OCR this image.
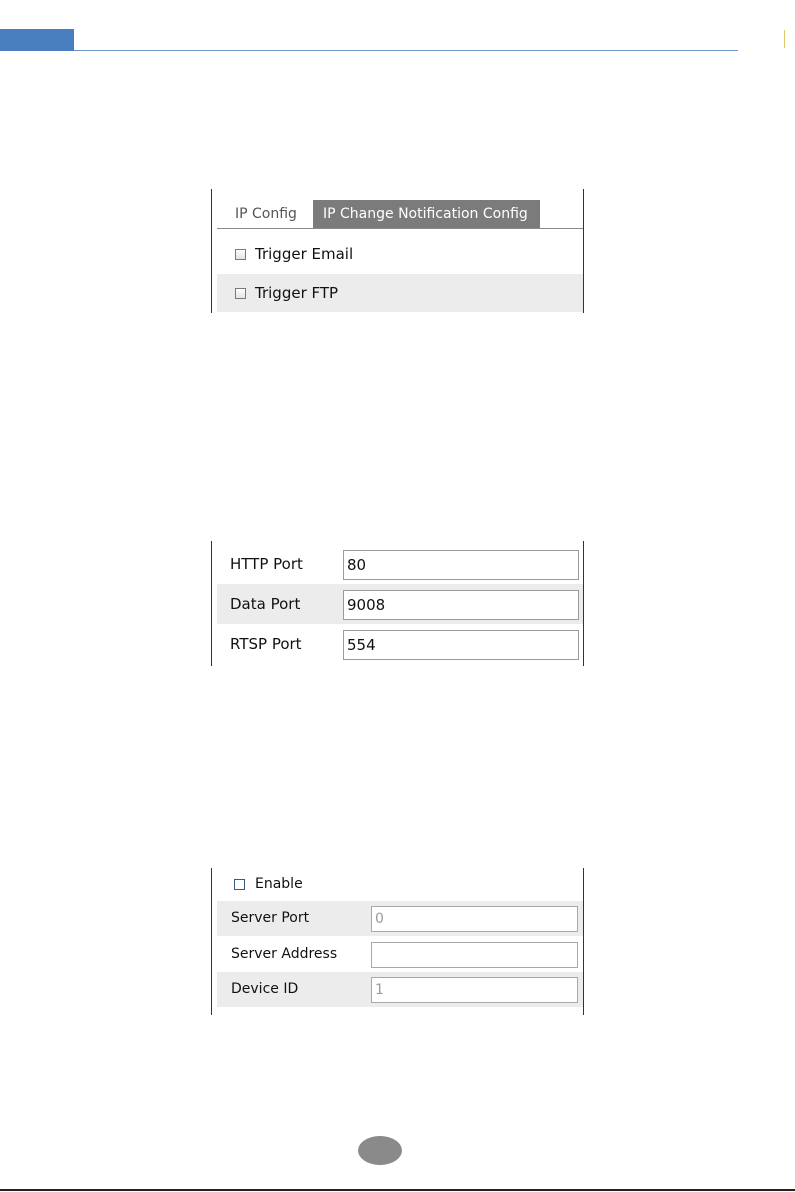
IP Config	IP Change Notification Config
Trigger Email
Trigger FTP
HTTP Port	80
Data Port	9008
RTSP Port	554
Enable
Server Port	0
Server Address
Device ID	1
